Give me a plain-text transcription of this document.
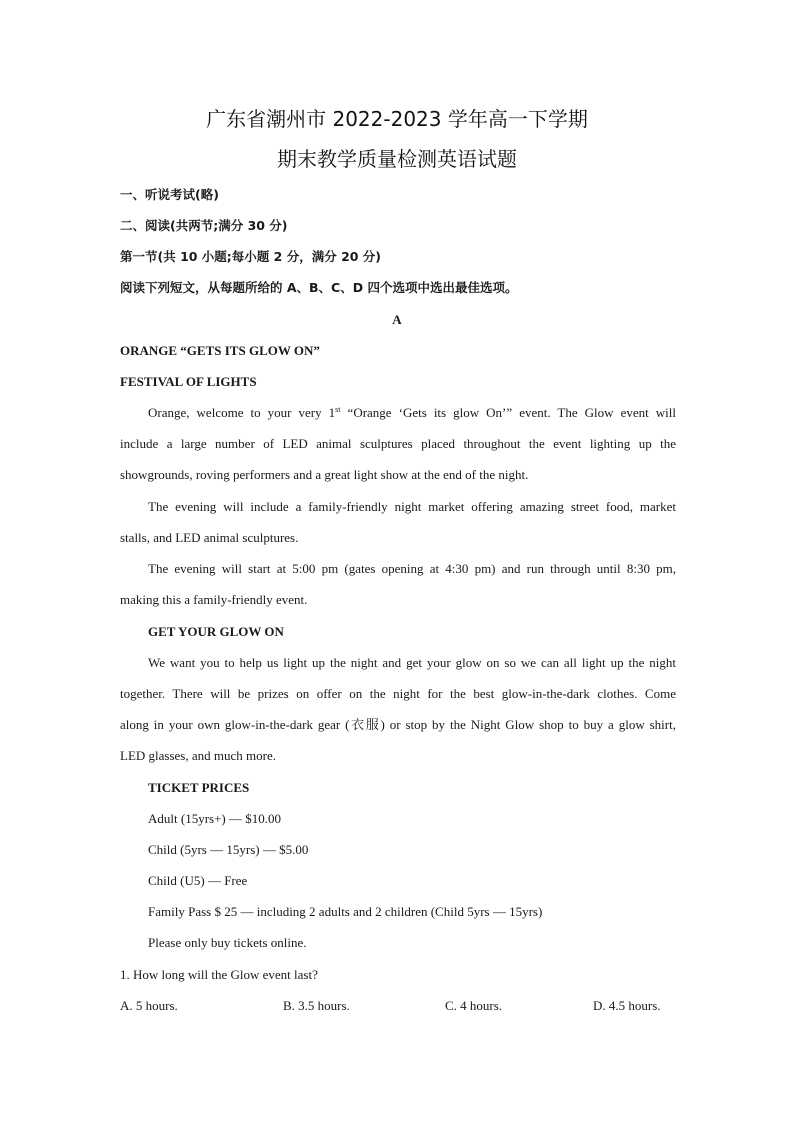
广东省潮州市 2022-2023 学年高一下学期
期末教学质量检测英语试题
一、听说考试(略)
二、阅读(共两节;满分 30 分)
第一节(共 10 小题;每小题 2 分，满分 20 分)
阅读下列短文，从每题所给的 A、B、C、D 四个选项中选出最佳选项。
A
ORANGE “GETS ITS GLOW ON”
FESTIVAL OF LIGHTS
Orange, welcome to your very 1st “Orange ‘Gets its glow On’” event. The Glow event will
include a large number of LED animal sculptures placed throughout the event lighting up the
showgrounds, roving performers and a great light show at the end of the night.
The evening will include a family-friendly night market offering amazing street food, market
stalls, and LED animal sculptures.
The evening will start at 5:00 pm (gates opening at 4:30 pm) and run through until 8:30 pm,
making this a family-friendly event.
GET YOUR GLOW ON
We want you to help us light up the night and get your glow on so we can all light up the night
together. There will be prizes on offer on the night for the best glow-in-the-dark clothes. Come
along in your own glow-in-the-dark gear (衣服) or stop by the Night Glow shop to buy a glow shirt,
LED glasses, and much more.
TICKET PRICES
Adult (15yrs+) — $10.00
Child (5yrs — 15yrs) — $5.00
Child (U5) — Free
Family Pass $ 25 — including 2 adults and 2 children (Child 5yrs — 15yrs)
Please only buy tickets online.
1. How long will the Glow event last?
A. 5 hours.	B. 3.5 hours.	C. 4 hours.	D. 4.5 hours.
